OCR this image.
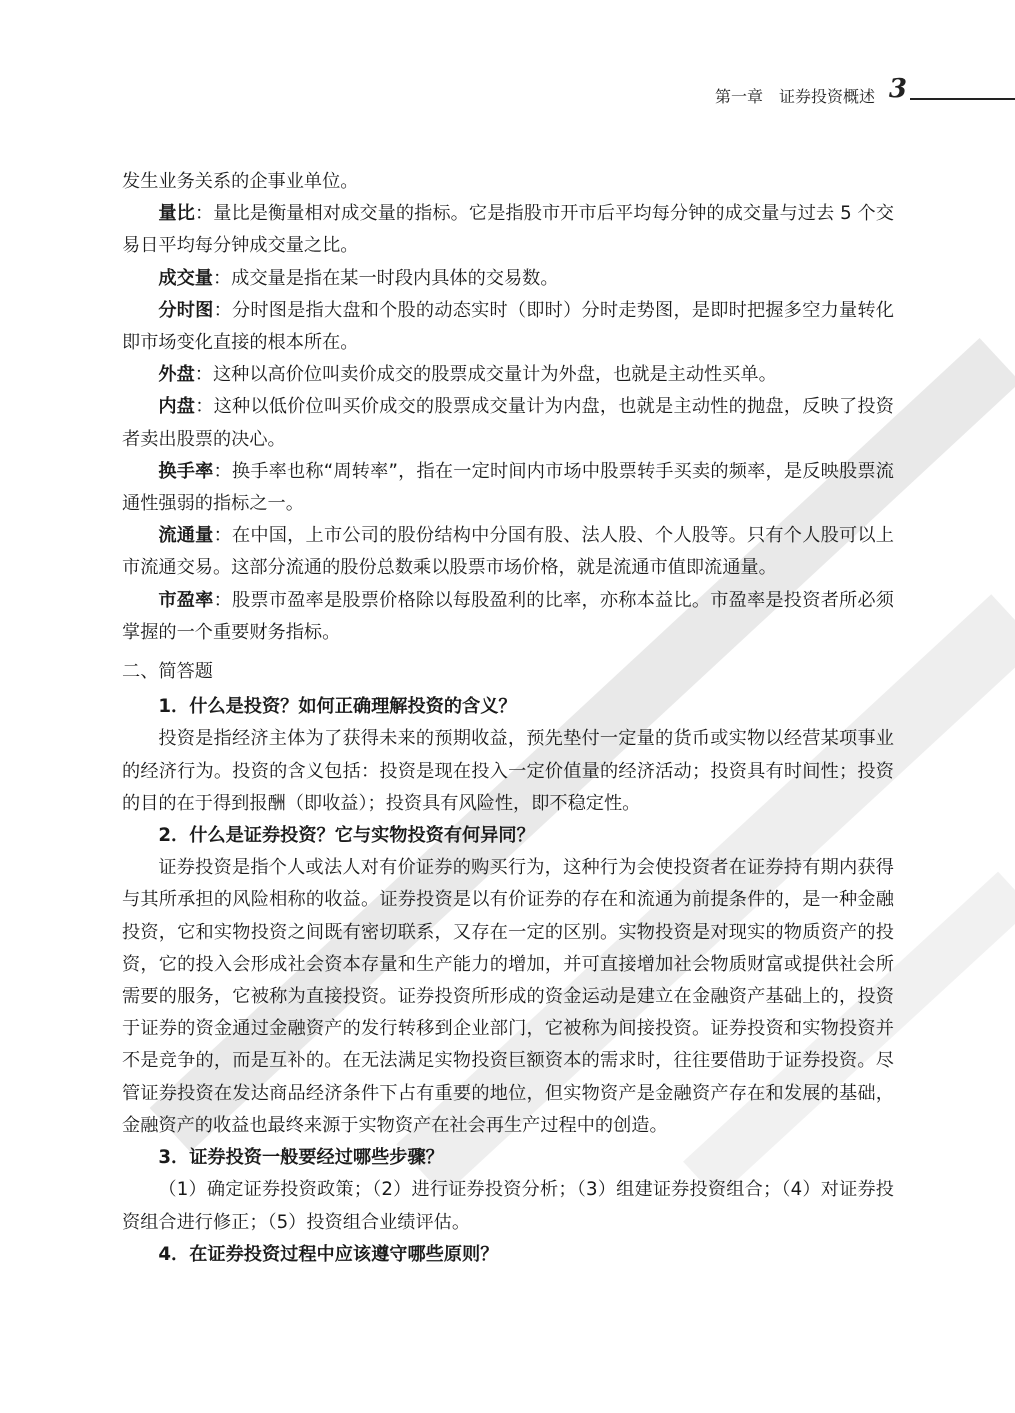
第一章　证券投资概述 3

发生业务关系的企事业单位。

量比：量比是衡量相对成交量的指标。它是指股市开市后平均每分钟的成交量与过去 5 个交易日平均每分钟成交量之比。

成交量：成交量是指在某一时段内具体的交易数。

分时图：分时图是指大盘和个股的动态实时（即时）分时走势图，是即时把握多空力量转化即市场变化直接的根本所在。

外盘：这种以高价位叫卖价成交的股票成交量计为外盘，也就是主动性买单。

内盘：这种以低价位叫买价成交的股票成交量计为内盘，也就是主动性的抛盘，反映了投资者卖出股票的决心。

换手率：换手率也称“周转率”，指在一定时间内市场中股票转手买卖的频率，是反映股票流通性强弱的指标之一。

流通量：在中国，上市公司的股份结构中分国有股、法人股、个人股等。只有个人股可以上市流通交易。这部分流通的股份总数乘以股票市场价格，就是流通市值即流通量。

市盈率：股票市盈率是股票价格除以每股盈利的比率，亦称本益比。市盈率是投资者所必须掌握的一个重要财务指标。

二、简答题

1．什么是投资？如何正确理解投资的含义？

投资是指经济主体为了获得未来的预期收益，预先垫付一定量的货币或实物以经营某项事业的经济行为。投资的含义包括：投资是现在投入一定价值量的经济活动；投资具有时间性；投资的目的在于得到报酬（即收益）；投资具有风险性，即不稳定性。

2．什么是证券投资？它与实物投资有何异同？

证券投资是指个人或法人对有价证券的购买行为，这种行为会使投资者在证券持有期内获得与其所承担的风险相称的收益。证券投资是以有价证券的存在和流通为前提条件的，是一种金融投资，它和实物投资之间既有密切联系，又存在一定的区别。实物投资是对现实的物质资产的投资，它的投入会形成社会资本存量和生产能力的增加，并可直接增加社会物质财富或提供社会所需要的服务，它被称为直接投资。证券投资所形成的资金运动是建立在金融资产基础上的，投资于证券的资金通过金融资产的发行转移到企业部门，它被称为间接投资。证券投资和实物投资并不是竞争的，而是互补的。在无法满足实物投资巨额资本的需求时，往往要借助于证券投资。尽管证券投资在发达商品经济条件下占有重要的地位，但实物资产是金融资产存在和发展的基础，金融资产的收益也最终来源于实物资产在社会再生产过程中的创造。

3．证券投资一般要经过哪些步骤？

（1）确定证券投资政策；（2）进行证券投资分析；（3）组建证券投资组合；（4）对证券投资组合进行修正；（5）投资组合业绩评估。

4．在证券投资过程中应该遵守哪些原则？
